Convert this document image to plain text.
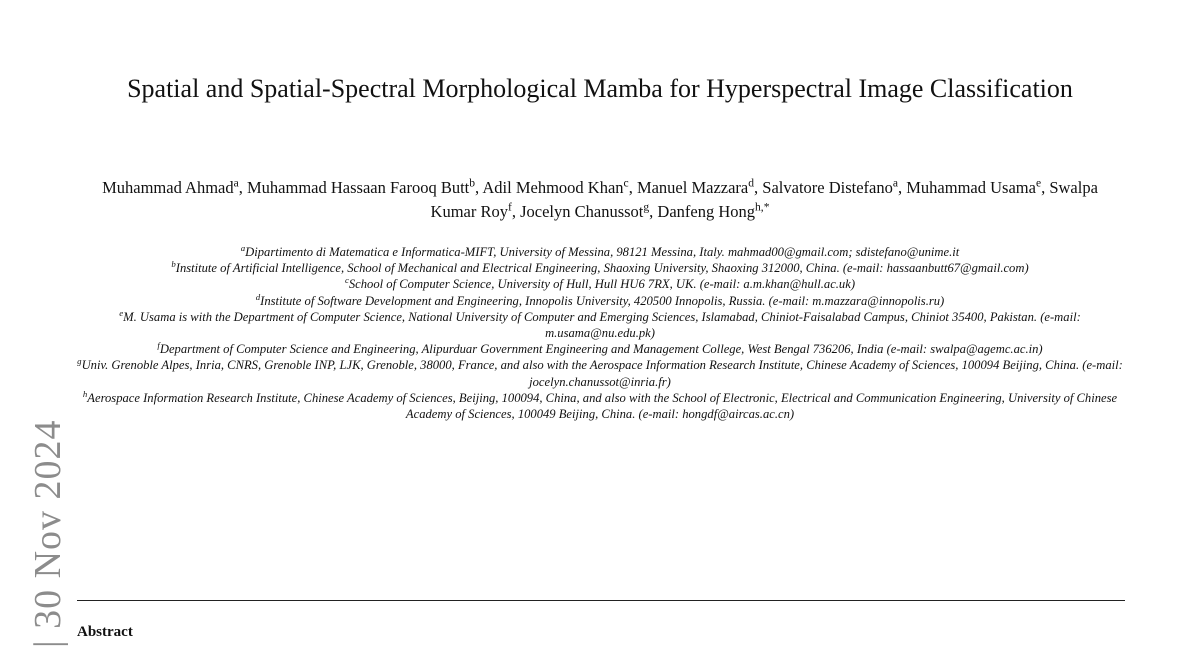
| 30 Nov 2024
Spatial and Spatial-Spectral Morphological Mamba for Hyperspectral Image Classification
Muhammad Ahmad$^a$, Muhammad Hassaan Farooq Butt$^b$, Adil Mehmood Khan$^c$, Manuel Mazzara$^d$, Salvatore Distefano$^a$, Muhammad Usama$^e$, Swalpa Kumar Roy$^f$, Jocelyn Chanussot$^g$, Danfeng Hong$^{h,*}$
$^a$Dipartimento di Matematica e Informatica-MIFT, University of Messina, 98121 Messina, Italy. mahmad00@gmail.com; sdistefano@unime.it
$^b$Institute of Artificial Intelligence, School of Mechanical and Electrical Engineering, Shaoxing University, Shaoxing 312000, China. (e-mail: hassaanbutt67@gmail.com)
$^c$School of Computer Science, University of Hull, Hull HU6 7RX, UK. (e-mail: a.m.khan@hull.ac.uk)
$^d$Institute of Software Development and Engineering, Innopolis University, 420500 Innopolis, Russia. (e-mail: m.mazzara@innopolis.ru)
$^e$M. Usama is with the Department of Computer Science, National University of Computer and Emerging Sciences, Islamabad, Chiniot-Faisalabad Campus, Chiniot 35400, Pakistan. (e-mail: m.usama@nu.edu.pk)
$^f$Department of Computer Science and Engineering, Alipurduar Government Engineering and Management College, West Bengal 736206, India (e-mail: swalpa@agemc.ac.in)
$^g$Univ. Grenoble Alpes, Inria, CNRS, Grenoble INP, LJK, Grenoble, 38000, France, and also with the Aerospace Information Research Institute, Chinese Academy of Sciences, 100094 Beijing, China. (e-mail: jocelyn.chanussot@inria.fr)
$^h$Aerospace Information Research Institute, Chinese Academy of Sciences, Beijing, 100094, China, and also with the School of Electronic, Electrical and Communication Engineering, University of Chinese Academy of Sciences, 100049 Beijing, China. (e-mail: hongdf@aircas.ac.cn)
Abstract
